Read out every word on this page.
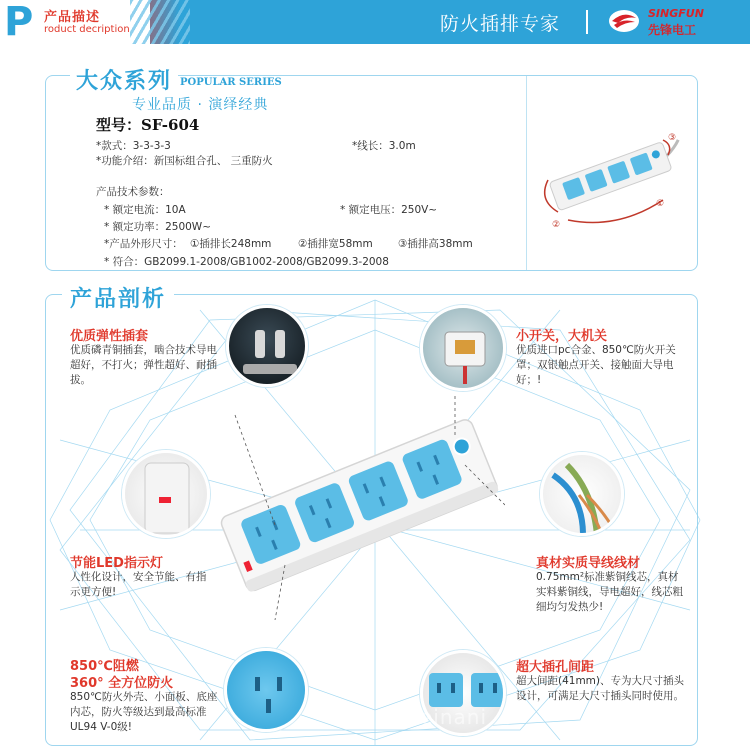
P 产品描述
roduct decription	防火插排专家	SINGFUN
先锋电工
大众系列 POPULAR SERIES
专业品质 · 演绎经典
型号：SF-604
*款式：3-3-3-3	*线长：3.0m
*功能介绍：新国标组合孔、 三重防火
产品技术参数：
* 额定电流：10A	* 额定电压：250V~
* 额定功率：2500W~
*产品外形尺寸： ①插排长248mm	②插排宽58mm ③插排高38mm
* 符合：GB2099.1-2008/GB1002-2008/GB2099.3-2008
①
②
③
产品剖析
优质弹性插套
优质磷青铜插套，啮合技术导电超好，不打火；弹性超好、耐插拔。
小开关，大机关
优质进口pc合金、850℃防火开关罩；双银触点开关、接触面大导电好；!
节能LED指示灯
人性化设计，安全节能、有指示更方便!
真材实质导线线材
0.75mm²标准紫铜线芯，真材实料紫铜线，导电超好，线芯粗细均匀发热少!
850℃阻燃
360° 全方位防火
850℃防火外壳、小面板、底座内芯，防火等级达到最高标准UL94 V-0级!
超大插孔间距
超大间距(41mm)、专为大尺寸插头设计，可满足大尺寸插头同时使用。
einani
